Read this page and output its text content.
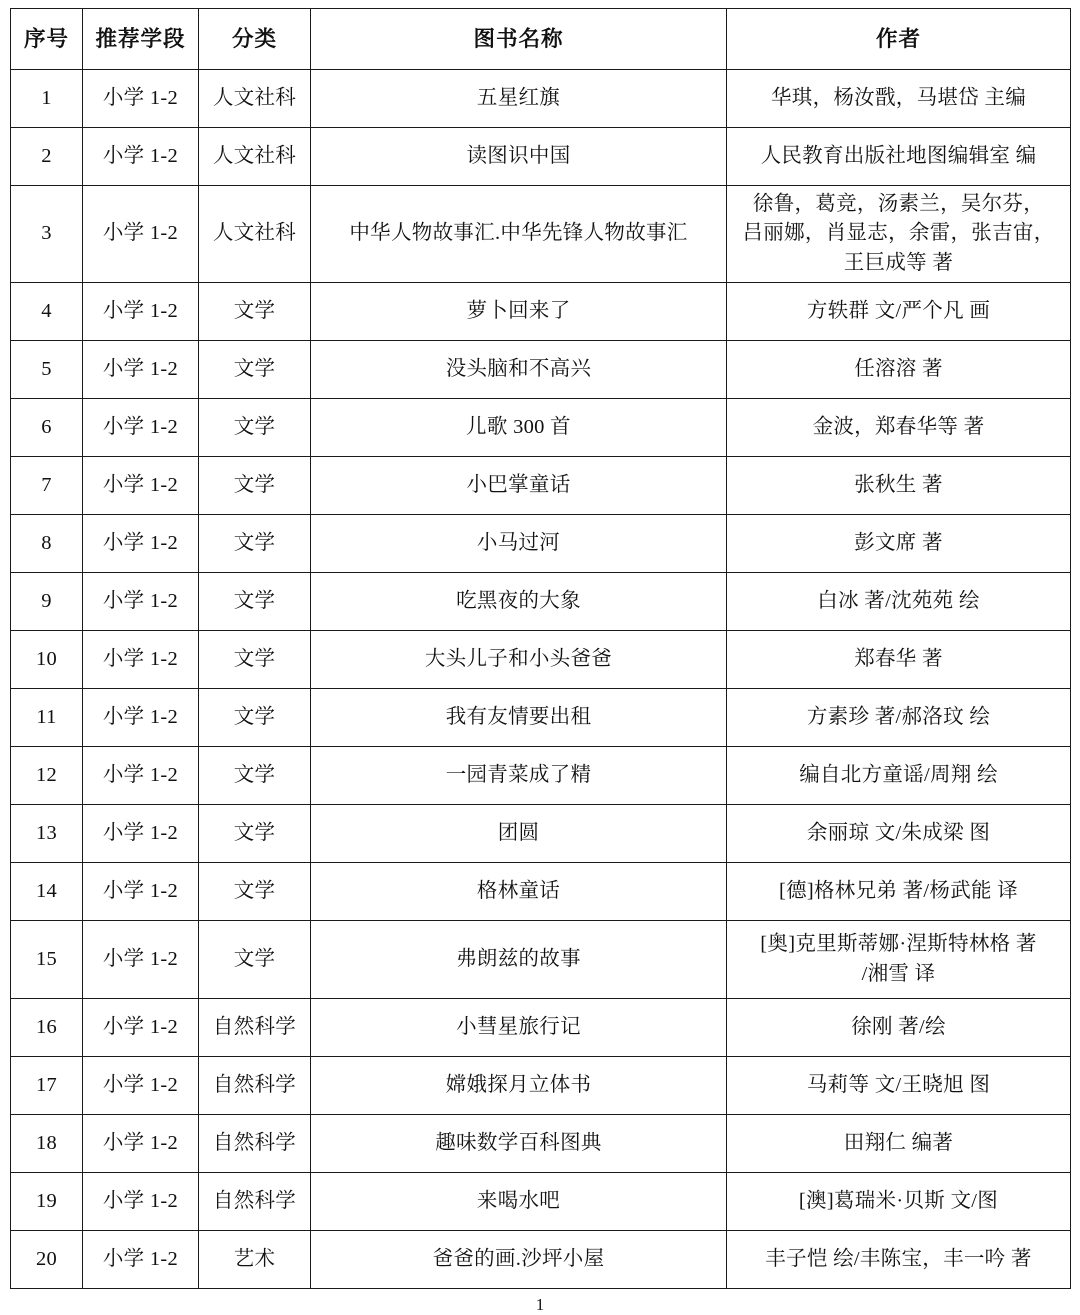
序号	推荐学段	分类	图书名称	作者
1	小学 1-2	人文社科	五星红旗	华琪，杨汝戬，马堪岱 主编

2	小学 1-2	人文社科	读图识中国	人民教育出版社地图编辑室 编

3	小学 1-2	人文社科	中华人物故事汇.中华先锋人物故事汇	徐鲁，葛竞，汤素兰，吴尔芬，
吕丽娜，肖显志，余雷，张吉宙，
王巨成等 著

4	小学 1-2	文学	萝卜回来了	方轶群 文/严个凡 画

5	小学 1-2	文学	没头脑和不高兴	任溶溶 著

6	小学 1-2	文学	儿歌 300 首	金波，郑春华等 著

7	小学 1-2	文学	小巴掌童话	张秋生 著

8	小学 1-2	文学	小马过河	彭文席 著

9	小学 1-2	文学	吃黑夜的大象	白冰 著/沈苑苑 绘

10	小学 1-2	文学	大头儿子和小头爸爸	郑春华 著

11	小学 1-2	文学	我有友情要出租	方素珍 著/郝洛玟 绘

12	小学 1-2	文学	一园青菜成了精	编自北方童谣/周翔 绘

13	小学 1-2	文学	团圆	余丽琼 文/朱成梁 图

14	小学 1-2	文学	格林童话	[德]格林兄弟 著/杨武能 译

15	小学 1-2	文学	弗朗兹的故事	[奥]克里斯蒂娜·涅斯特林格 著
/湘雪 译

16	小学 1-2	自然科学	小彗星旅行记	徐刚 著/绘

17	小学 1-2	自然科学	嫦娥探月立体书	马莉等 文/王晓旭 图

18	小学 1-2	自然科学	趣味数学百科图典	田翔仁 编著

19	小学 1-2	自然科学	来喝水吧	[澳]葛瑞米·贝斯 文/图

20	小学 1-2	艺术	爸爸的画.沙坪小屋	丰子恺 绘/丰陈宝，丰一吟 著
1
